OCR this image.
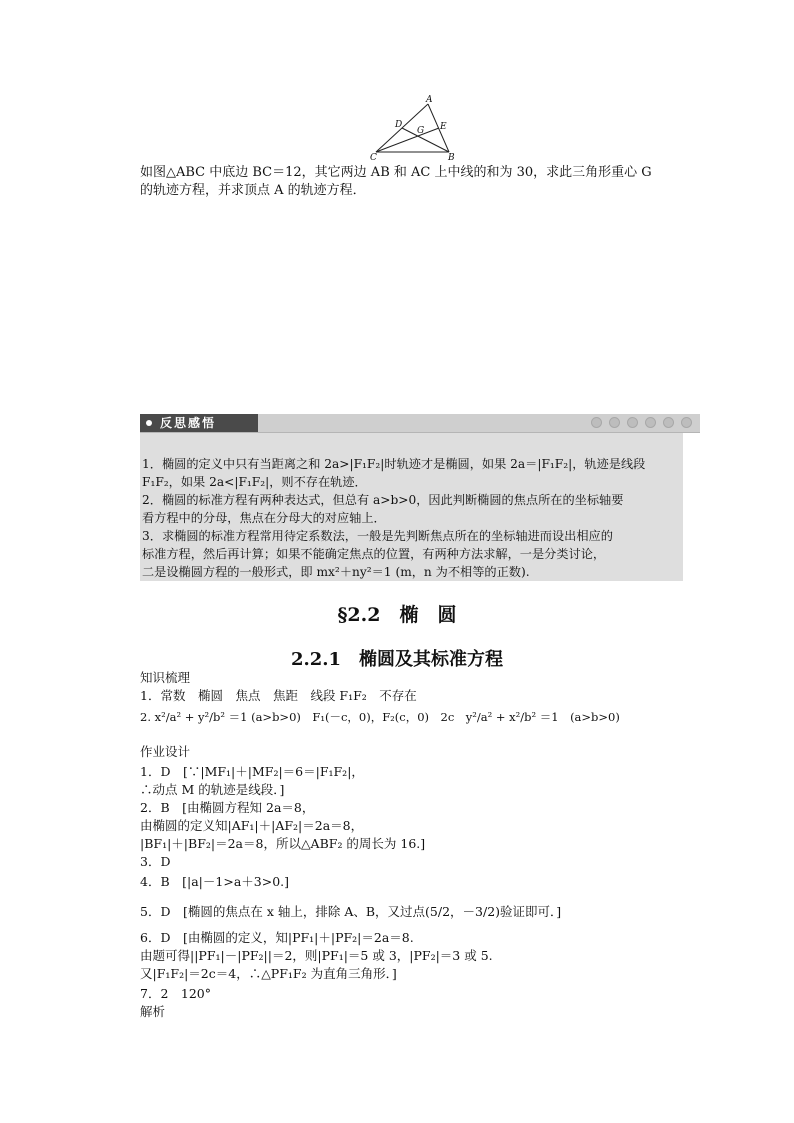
A
D
G E
C	B
如图△ABC 中底边 BC＝12，其它两边 AB 和 AC 上中线的和为 30，求此三角形重心 G
的轨迹方程，并求顶点 A 的轨迹方程．
反思感悟
1．椭圆的定义中只有当距离之和 2a>|F₁F₂|时轨迹才是椭圆，如果 2a＝|F₁F₂|，轨迹是线段
F₁F₂，如果 2a<|F₁F₂|，则不存在轨迹．
2．椭圆的标准方程有两种表达式，但总有 a>b>0，因此判断椭圆的焦点所在的坐标轴要
看方程中的分母，焦点在分母大的对应轴上．
3．求椭圆的标准方程常用待定系数法，一般是先判断焦点所在的坐标轴进而设出相应的
标准方程，然后再计算；如果不能确定焦点的位置，有两种方法求解，一是分类讨论，
二是设椭圆方程的一般形式，即 mx²＋ny²＝1 (m，n 为不相等的正数).
§2.2　椭　圆
2.2.1　椭圆及其标准方程
知识梳理
1．常数　椭圆　焦点　焦距　线段 F₁F₂　不存在
2. x²/a² + y²/b² ＝1 (a>b>0)　F₁(－c，0)，F₂(c，0)　2c　y²/a² + x²/b² ＝1　(a>b>0)
作业设计
1．D　[∵|MF₁|＋|MF₂|＝6＝|F₁F₂|，
∴动点 M 的轨迹是线段．]
2．B　[由椭圆方程知 2a＝8，
由椭圆的定义知|AF₁|＋|AF₂|＝2a＝8，
|BF₁|＋|BF₂|＝2a＝8，所以△ABF₂ 的周长为 16.]
3．D
4．B　[|a|－1>a＋3>0.]
5．D　[椭圆的焦点在 x 轴上，排除 A、B，又过点(5/2，－3/2)验证即可．]
6．D　[由椭圆的定义，知|PF₁|＋|PF₂|＝2a＝8.
由题可得||PF₁|－|PF₂||＝2，则|PF₁|＝5 或 3，|PF₂|＝3 或 5.
又|F₁F₂|＝2c＝4，∴△PF₁F₂ 为直角三角形．]
7．2　120°
解析
